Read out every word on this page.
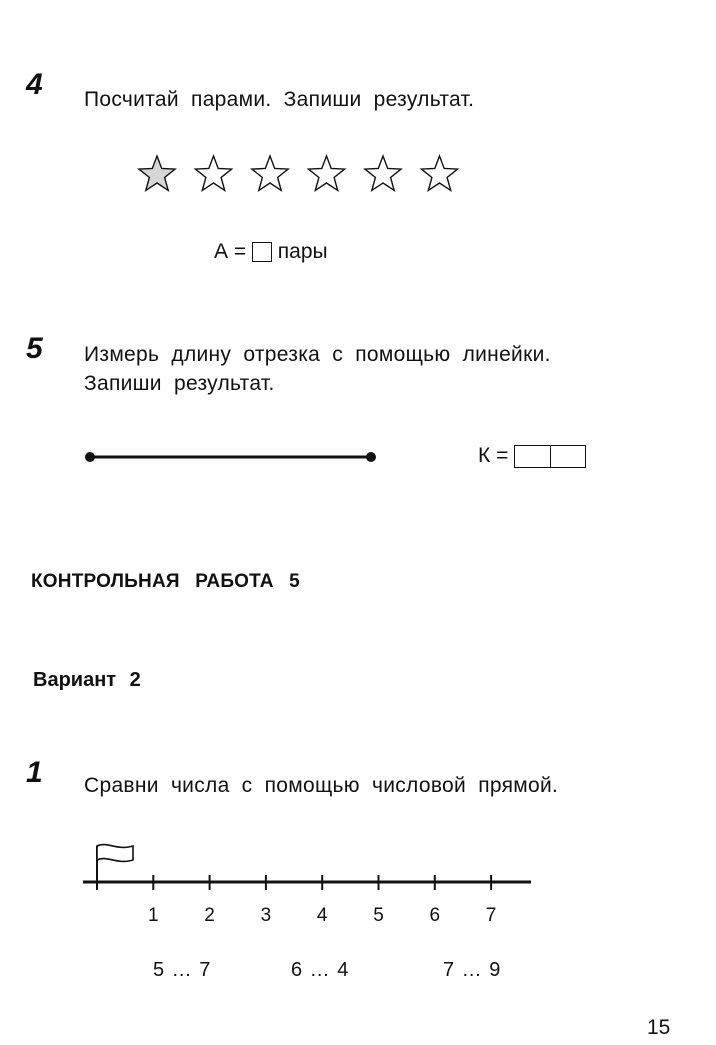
4 Посчитай парами. Запиши результат.
А = пары
5 Измерь длину отрезка с помощью линейки.
Запиши результат.
К =
КОНТРОЛЬНАЯ РАБОТА 5
Вариант 2
1 Сравни числа с помощью числовой прямой.
1 2 3 4 5 6 7
5 … 7	6 … 4	7 … 9
15
